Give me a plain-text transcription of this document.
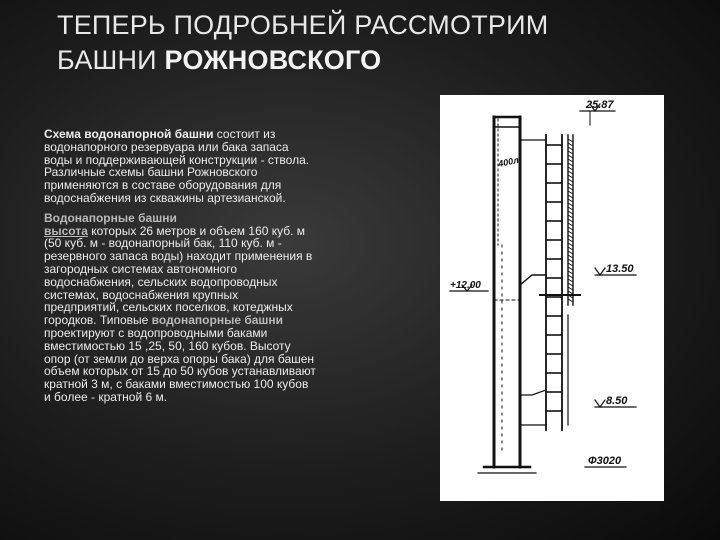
ТЕПЕРЬ ПОДРОБНЕЙ РАССМОТРИМ
БАШНИ РОЖНОВСКОГО

Схема водонапорной башни состоит из водонапорного резервуара или бака запаса воды и поддерживающей конструкции - ствола. Различные схемы башни Рожновского применяются в составе оборудования для водоснабжения из скважины артезианской.

Водонапорные башни
высота которых 26 метров и объем 160 куб. м (50 куб. м - водонапорный бак, 110 куб. м - резервного запаса воды) находит применения в загородных системах автономного водоснабжения, сельских водопроводных системах, водоснабжения крупных предприятий, сельских поселков, котеджных городков. Типовые водонапорные башни проектируют с водопроводными баками вместимостью 15 ,25, 50, 160 кубов. Высоту опор (от земли до верха опоры бака) для башен объем которых от 15 до 50 кубов устанавливают кратной 3 м, с баками вместимостью 100 кубов и более - кратной 6 м.

25.87
400л
+12.00
13.50
8.50
Ф3020
